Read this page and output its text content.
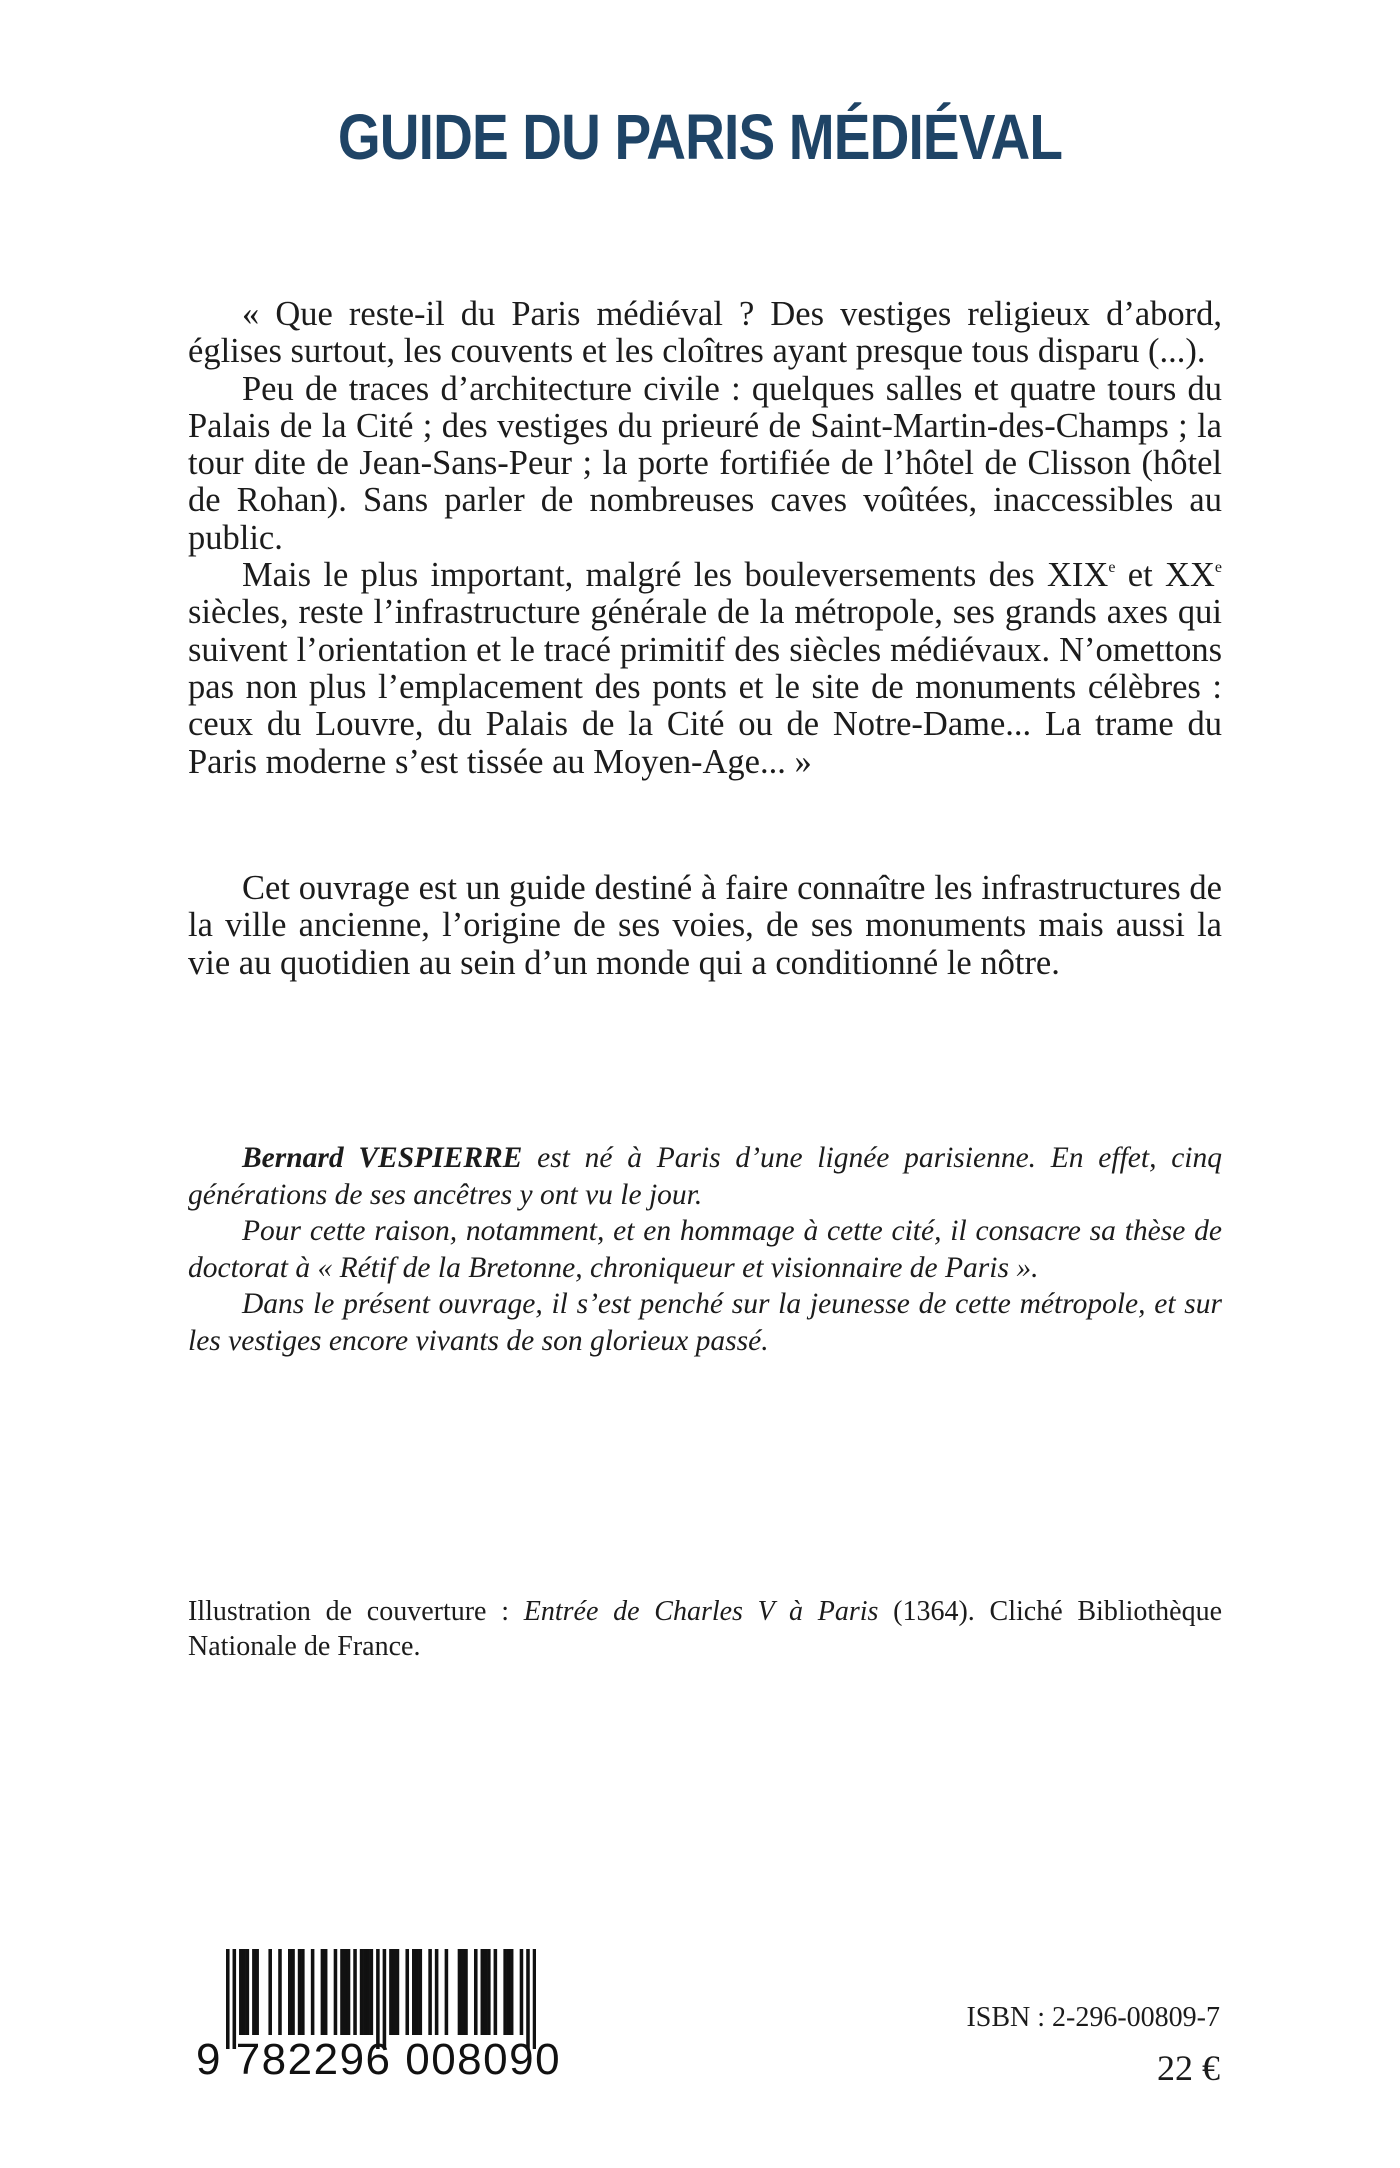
GUIDE DU PARIS MÉDIÉVAL

« Que reste-il du Paris médiéval ? Des vestiges religieux d’abord, églises surtout, les couvents et les cloîtres ayant presque tous disparu (...).

Peu de traces d’architecture civile : quelques salles et quatre tours du Palais de la Cité ; des vestiges du prieuré de Saint-Martin-des-Champs ; la tour dite de Jean-Sans-Peur ; la porte fortifiée de l’hôtel de Clisson (hôtel de Rohan). Sans parler de nombreuses caves voûtées, inaccessibles au public.

Mais le plus important, malgré les bouleversements des XIXe et XXe siècles, reste l’infrastructure générale de la métropole, ses grands axes qui suivent l’orientation et le tracé primitif des siècles médiévaux. N’omettons pas non plus l’emplacement des ponts et le site de monuments célèbres : ceux du Louvre, du Palais de la Cité ou de Notre-Dame... La trame du Paris moderne s’est tissée au Moyen-Age... »

Cet ouvrage est un guide destiné à faire connaître les infrastructures de la ville ancienne, l’origine de ses voies, de ses monuments mais aussi la vie au quotidien au sein d’un monde qui a conditionné le nôtre.

Bernard VESPIERRE est né à Paris d’une lignée parisienne. En effet, cinq générations de ses ancêtres y ont vu le jour.

Pour cette raison, notamment, et en hommage à cette cité, il consacre sa thèse de doctorat à « Rétif de la Bretonne, chroniqueur et visionnaire de Paris ».

Dans le présent ouvrage, il s’est penché sur la jeunesse de cette métropole, et sur les vestiges encore vivants de son glorieux passé.

Illustration de couverture : Entrée de Charles V à Paris (1364). Cliché Bibliothèque Nationale de France.

9 782296 008090
ISBN : 2-296-00809-7
22 €
